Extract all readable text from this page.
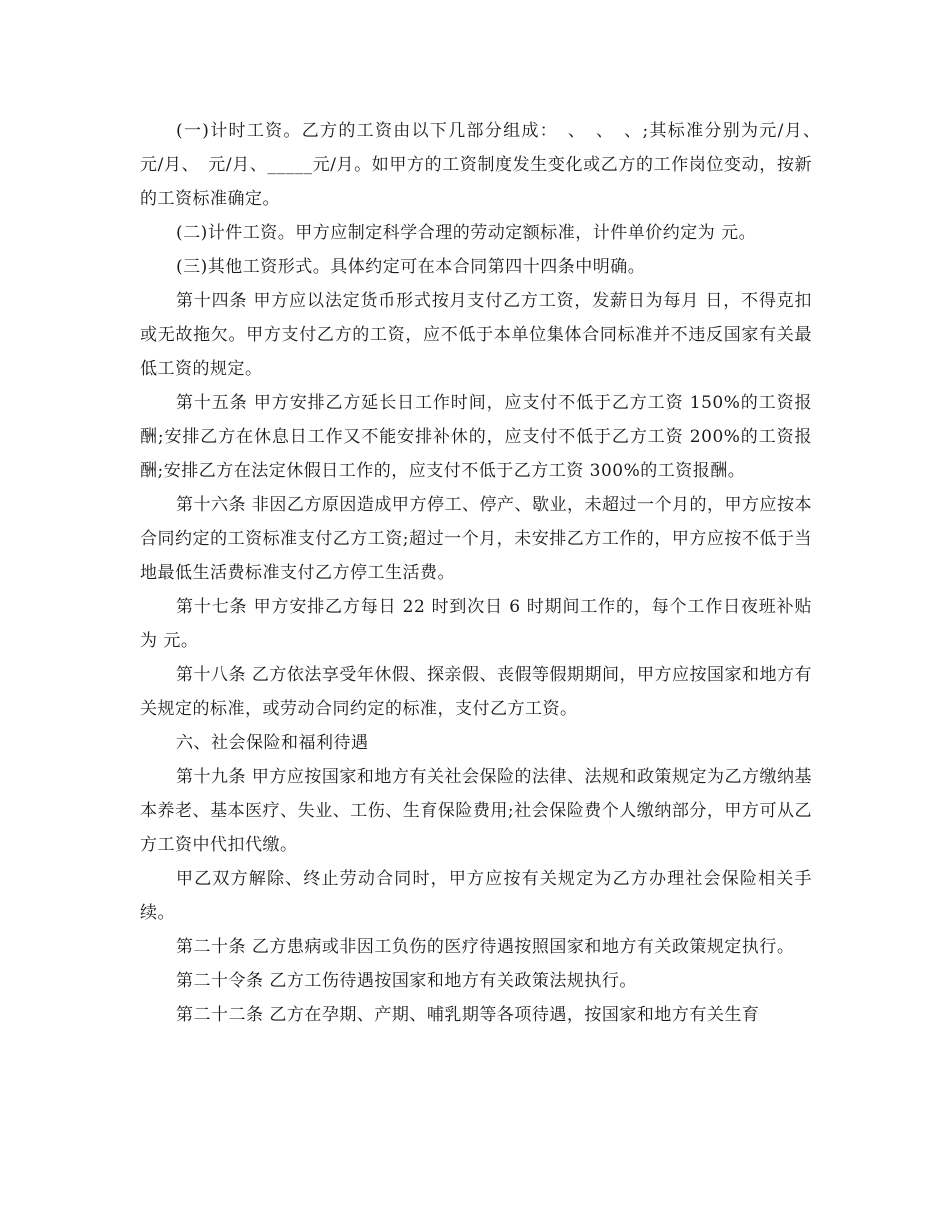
(一)计时工资。乙方的工资由以下几部分组成：　、　、　、;其标准分别为元/月、　元/月、　元/月、_____元/月。如甲方的工资制度发生变化或乙方的工作岗位变动，按新的工资标准确定。

(二)计件工资。甲方应制定科学合理的劳动定额标准，计件单价约定为 元。

(三)其他工资形式。具体约定可在本合同第四十四条中明确。

第十四条 甲方应以法定货币形式按月支付乙方工资，发薪日为每月 日，不得克扣或无故拖欠。甲方支付乙方的工资，应不低于本单位集体合同标准并不违反国家有关最低工资的规定。

第十五条 甲方安排乙方延长日工作时间，应支付不低于乙方工资 150%的工资报酬;安排乙方在休息日工作又不能安排补休的，应支付不低于乙方工资 200%的工资报酬;安排乙方在法定休假日工作的，应支付不低于乙方工资 300%的工资报酬。

第十六条 非因乙方原因造成甲方停工、停产、歇业，未超过一个月的，甲方应按本合同约定的工资标准支付乙方工资;超过一个月，未安排乙方工作的，甲方应按不低于当地最低生活费标准支付乙方停工生活费。

第十七条 甲方安排乙方每日 22 时到次日 6 时期间工作的，每个工作日夜班补贴为 元。

第十八条 乙方依法享受年休假、探亲假、丧假等假期期间，甲方应按国家和地方有关规定的标准，或劳动合同约定的标准，支付乙方工资。

六、社会保险和福利待遇

第十九条 甲方应按国家和地方有关社会保险的法律、法规和政策规定为乙方缴纳基本养老、基本医疗、失业、工伤、生育保险费用;社会保险费个人缴纳部分，甲方可从乙方工资中代扣代缴。

甲乙双方解除、终止劳动合同时，甲方应按有关规定为乙方办理社会保险相关手续。

第二十条 乙方患病或非因工负伤的医疗待遇按照国家和地方有关政策规定执行。

第二十令条 乙方工伤待遇按国家和地方有关政策法规执行。

第二十二条 乙方在孕期、产期、哺乳期等各项待遇，按国家和地方有关生育
